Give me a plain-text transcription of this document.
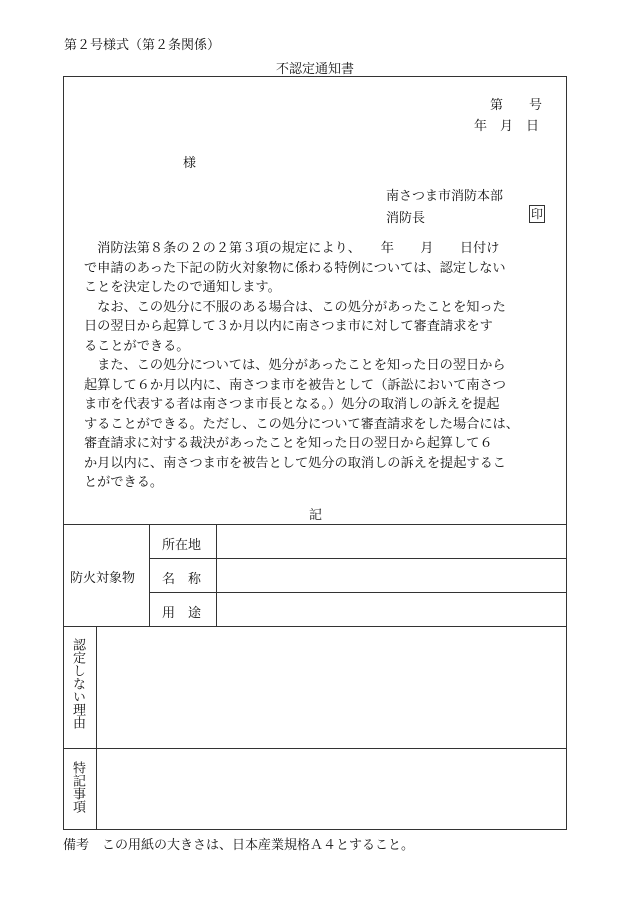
第２号様式（第２条関係）
不認定通知書
第　　号
年　月　日
様
南さつま市消防本部
消防長	印
　消防法第８条の２の２第３項の規定により、　　年　　月　　日付け
で申請のあった下記の防火対象物に係わる特例については、認定しない
ことを決定したので通知します。
　なお、この処分に不服のある場合は、この処分があったことを知った
日の翌日から起算して３か月以内に南さつま市に対して審査請求をす
ることができる。
　また、この処分については、処分があったことを知った日の翌日から
起算して６か月以内に、南さつま市を被告として（訴訟において南さつ
ま市を代表する者は南さつま市長となる。）処分の取消しの訴えを提起
することができる。ただし、この処分について審査請求をした場合には、
審査請求に対する裁決があったことを知った日の翌日から起算して６
か月以内に、南さつま市を被告として処分の取消しの訴えを提起するこ
とができる。
記
防火対象物
所在地
名　称
用　途
認定しない理由
特記事項
備考　この用紙の大きさは、日本産業規格Ａ４とすること。
